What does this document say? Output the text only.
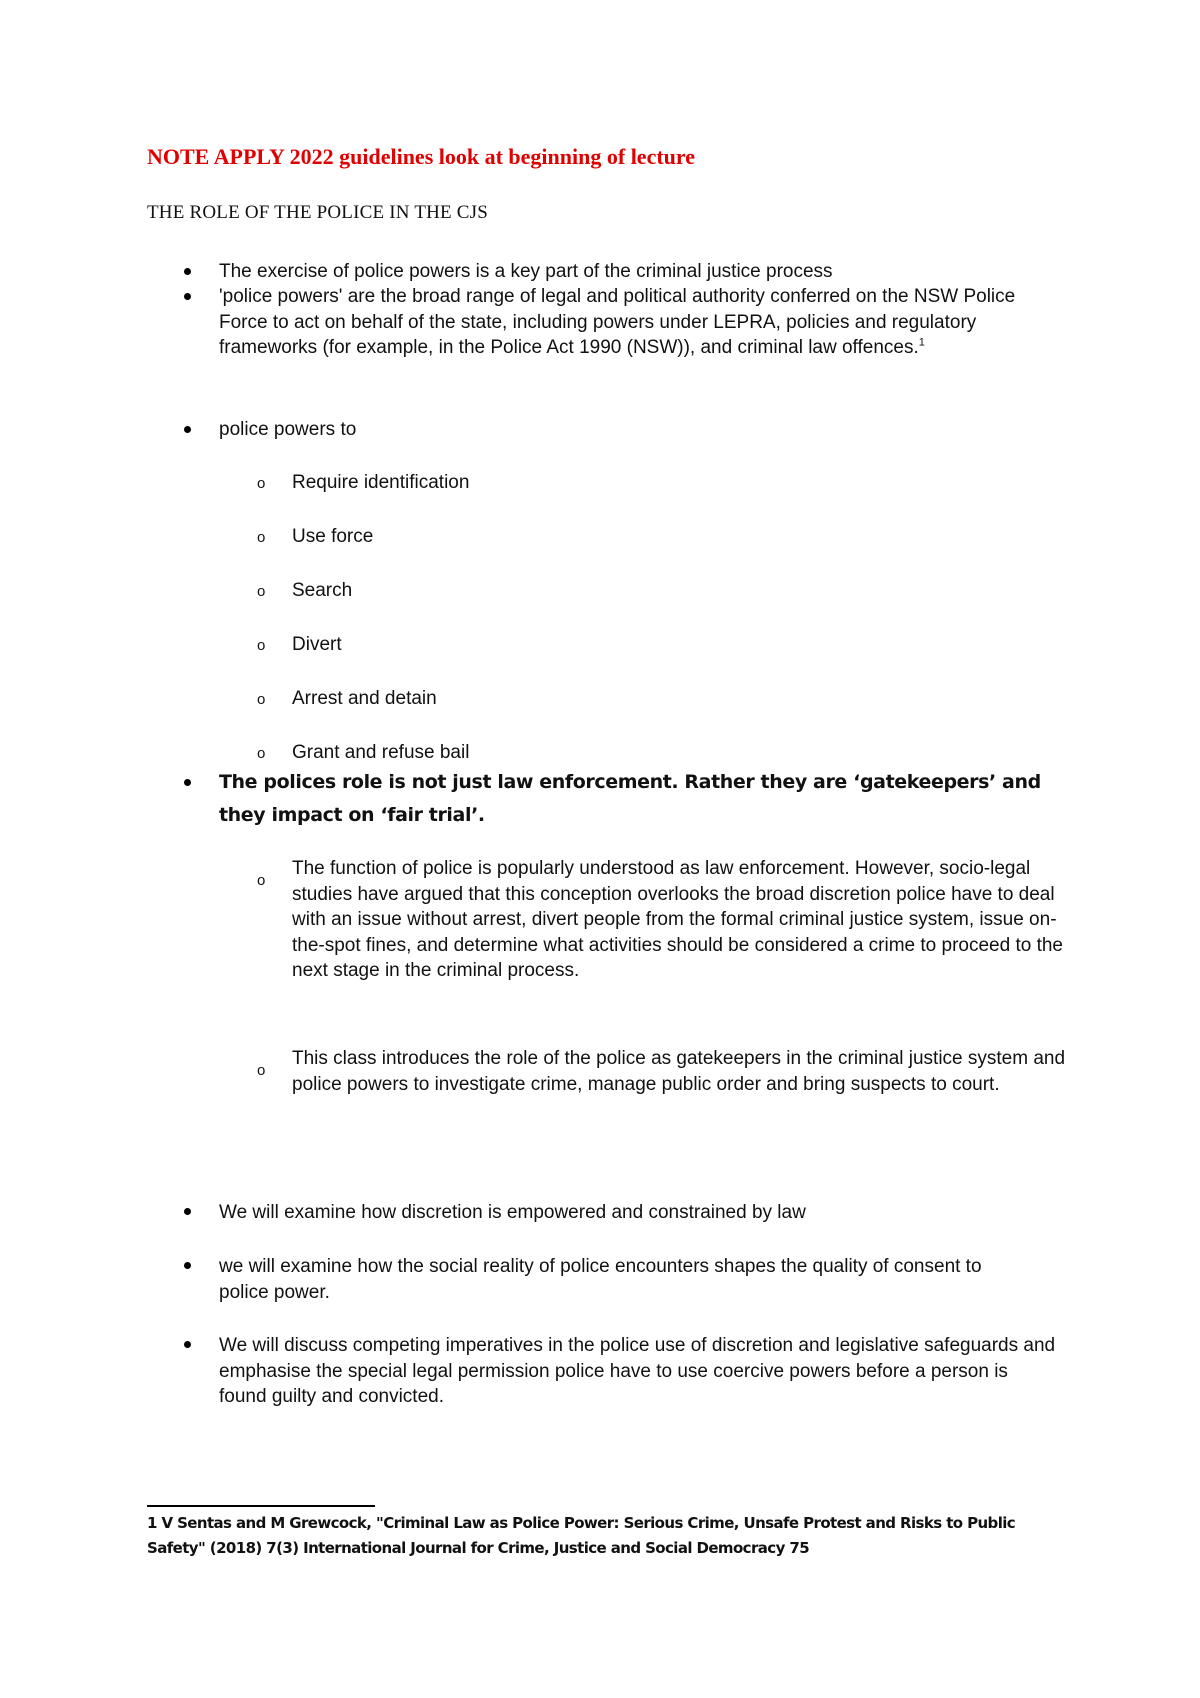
NOTE APPLY 2022 guidelines look at beginning of lecture
THE ROLE OF THE POLICE IN THE CJS
The exercise of police powers is a key part of the criminal justice process
'police powers' are the broad range of legal and political authority conferred on the NSW Police Force to act on behalf of the state, including powers under LEPRA, policies and regulatory frameworks (for example, in the Police Act 1990 (NSW)), and criminal law offences.$^1$
police powers to
o Require identification
o Use force
o Search
o Divert
o Arrest and detain
o Grant and refuse bail
The polices role is not just law enforcement. Rather they are ‘gatekeepers’ and they impact on ‘fair trial’.
o
The function of police is popularly understood as law enforcement. However, socio-legal studies have argued that this conception overlooks the broad discretion police have to deal with an issue without arrest, divert people from the formal criminal justice system, issue on-the-spot fines, and determine what activities should be considered a crime to proceed to the next stage in the criminal process.
o
This class introduces the role of the police as gatekeepers in the criminal justice system and police powers to investigate crime, manage public order and bring suspects to court.
We will examine how discretion is empowered and constrained by law
we will examine how the social reality of police encounters shapes the quality of consent to police power.
We will discuss competing imperatives in the police use of discretion and legislative safeguards and emphasise the special legal permission police have to use coercive powers before a person is found guilty and convicted.
1 V Sentas and M Grewcock, "Criminal Law as Police Power: Serious Crime, Unsafe Protest and Risks to Public Safety" (2018) 7(3) International Journal for Crime, Justice and Social Democracy 75
